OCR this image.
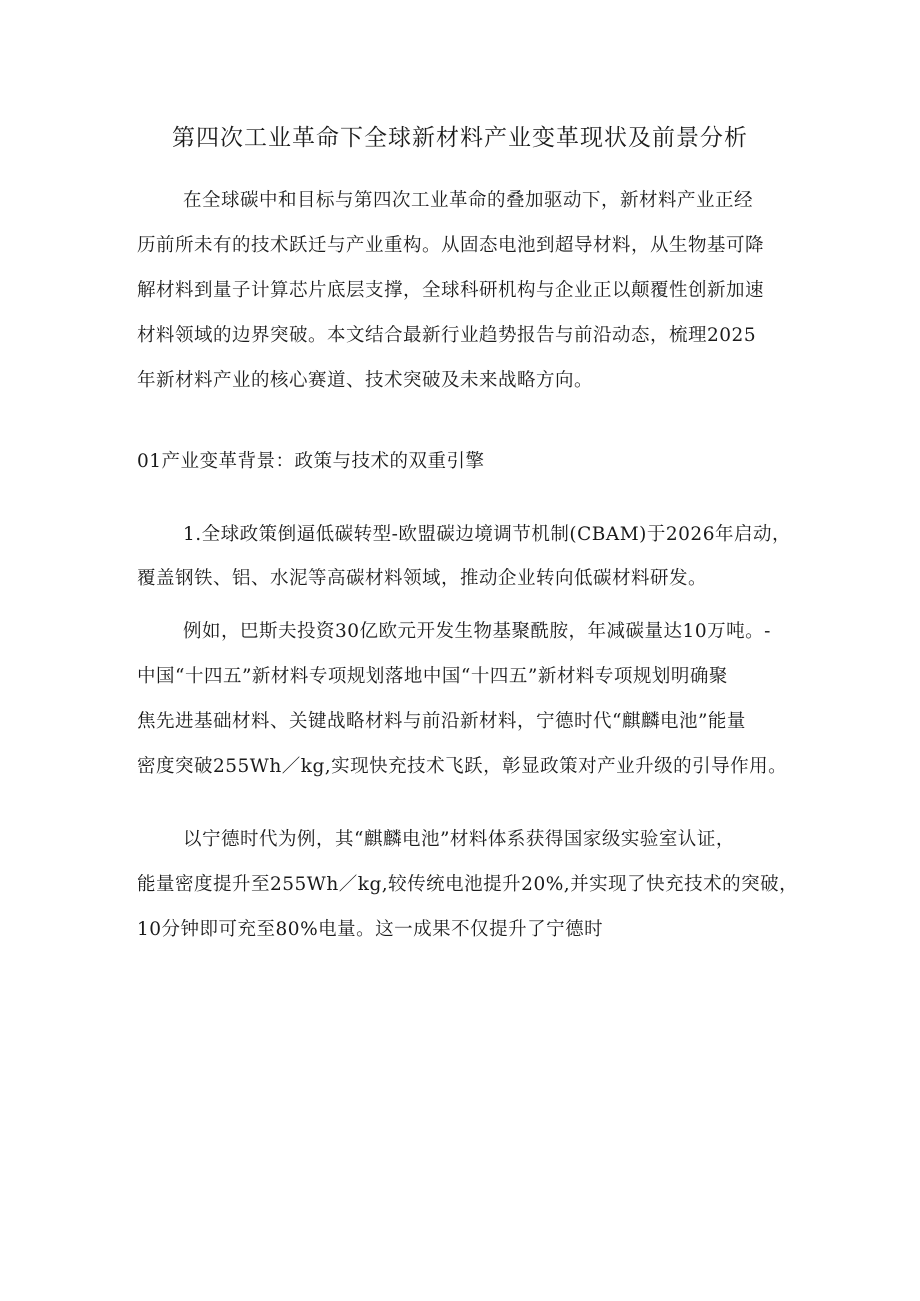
第四次工业革命下全球新材料产业变革现状及前景分析

在全球碳中和目标与第四次工业革命的叠加驱动下，新材料产业正经

历前所未有的技术跃迁与产业重构。从固态电池到超导材料，从生物基可降

解材料到量子计算芯片底层支撑，全球科研机构与企业正以颠覆性创新加速

材料领域的边界突破。本文结合最新行业趋势报告与前沿动态，梳理2025

年新材料产业的核心赛道、技术突破及未来战略方向。

01产业变革背景：政策与技术的双重引擎

1.全球政策倒逼低碳转型-欧盟碳边境调节机制(CBAM)于2026年启动，

覆盖钢铁、铝、水泥等高碳材料领域，推动企业转向低碳材料研发。

例如，巴斯夫投资30亿欧元开发生物基聚酰胺，年减碳量达10万吨。-

中国“十四五”新材料专项规划落地中国“十四五”新材料专项规划明确聚

焦先进基础材料、关键战略材料与前沿新材料，宁德时代“麒麟电池”能量

密度突破255Wh／kg,实现快充技术飞跃，彰显政策对产业升级的引导作用。

以宁德时代为例，其“麒麟电池”材料体系获得国家级实验室认证，

能量密度提升至255Wh／kg,较传统电池提升20%,并实现了快充技术的突破，

10分钟即可充至80%电量。这一成果不仅提升了宁德时
